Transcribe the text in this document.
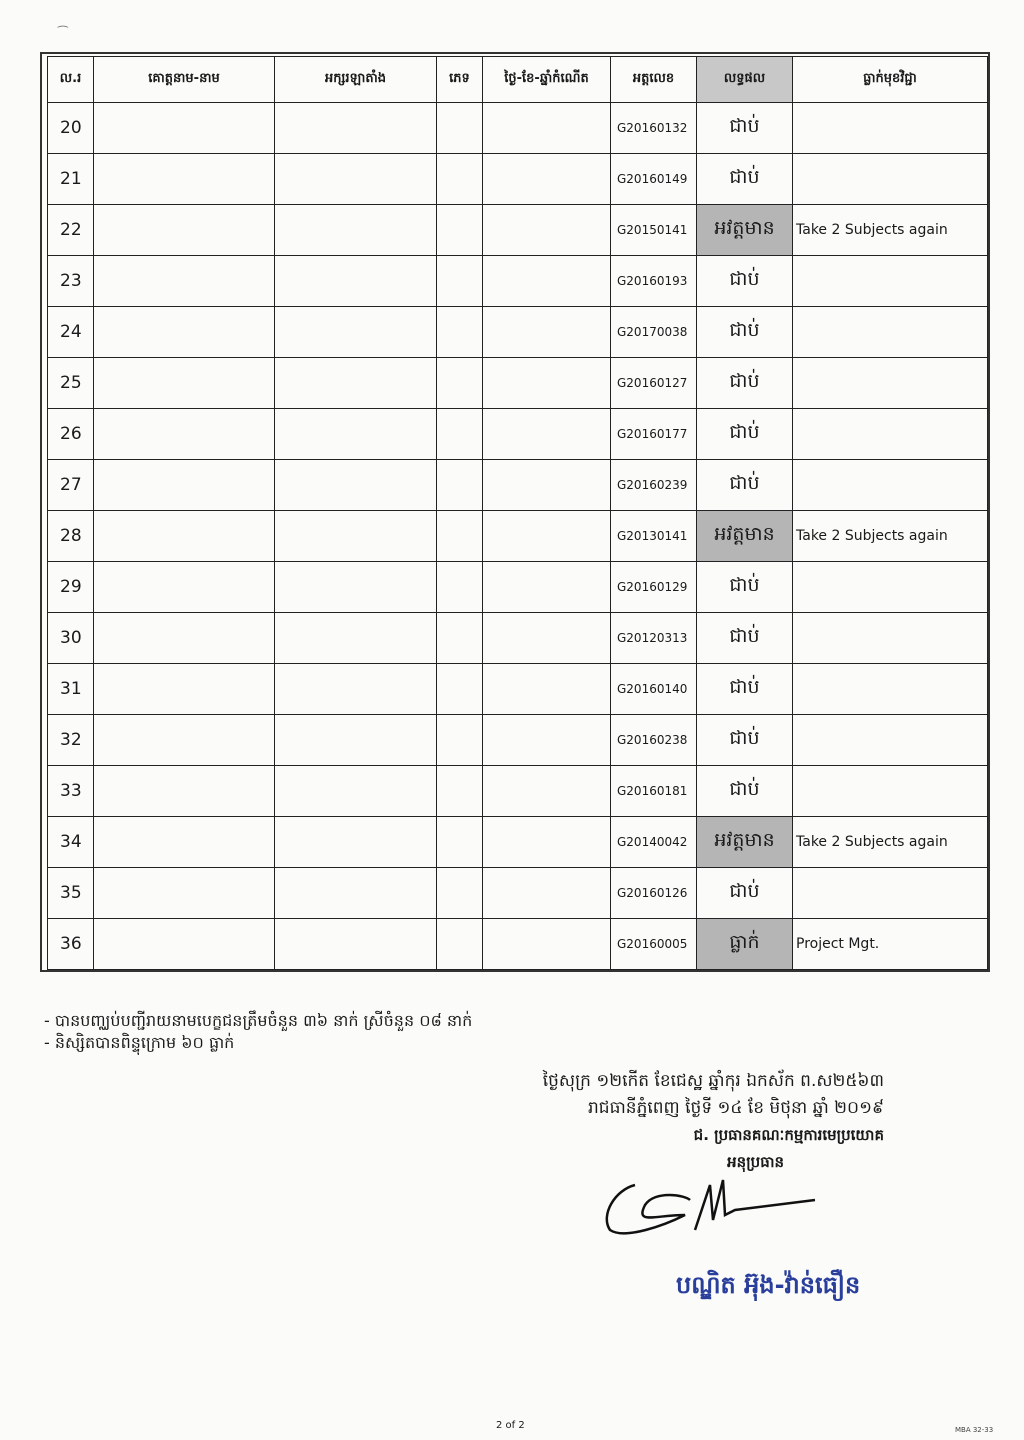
⁀
ល.រ	គោត្តនាម-នាម	អក្សរឡាតាំង	ភេទ	ថ្ងៃ-ខែ-ឆ្នាំកំណើត	អត្តលេខ	លទ្ធផល	ធ្លាក់មុខវិជ្ជា
20					G20160132	ជាប់	
21					G20160149	ជាប់	
22					G20150141	អវត្តមាន	Take 2 Subjects again
23					G20160193	ជាប់	
24					G20170038	ជាប់	
25					G20160127	ជាប់	
26					G20160177	ជាប់	
27					G20160239	ជាប់	
28					G20130141	អវត្តមាន	Take 2 Subjects again
29					G20160129	ជាប់	
30					G20120313	ជាប់	
31					G20160140	ជាប់	
32					G20160238	ជាប់	
33					G20160181	ជាប់	
34					G20140042	អវត្តមាន	Take 2 Subjects again
35					G20160126	ជាប់	
36					G20160005	ធ្លាក់	Project Mgt.
- បានបញ្ឈប់បញ្ជីរាយនាមបេក្ខជនត្រឹមចំនួន ៣៦ នាក់ ស្រីចំនួន ០៨ នាក់
- និស្សិតបានពិន្ទុក្រោម ៦០ ធ្លាក់
ថ្ងៃសុក្រ ១២កើត ខែជេស្ឋ ឆ្នាំកុរ ឯកស័ក ព.ស២៥៦៣
រាជធានីភ្នំពេញ ថ្ងៃទី ១៤ ខែ មិថុនា ឆ្នាំ ២០១៩
ជ. ប្រធានគណៈកម្មការមេប្រយោគ
អនុប្រធាន
បណ្ឌិត អ៊ុង-វ៉ាន់ធឿន
2 of 2	MBA 32-33
